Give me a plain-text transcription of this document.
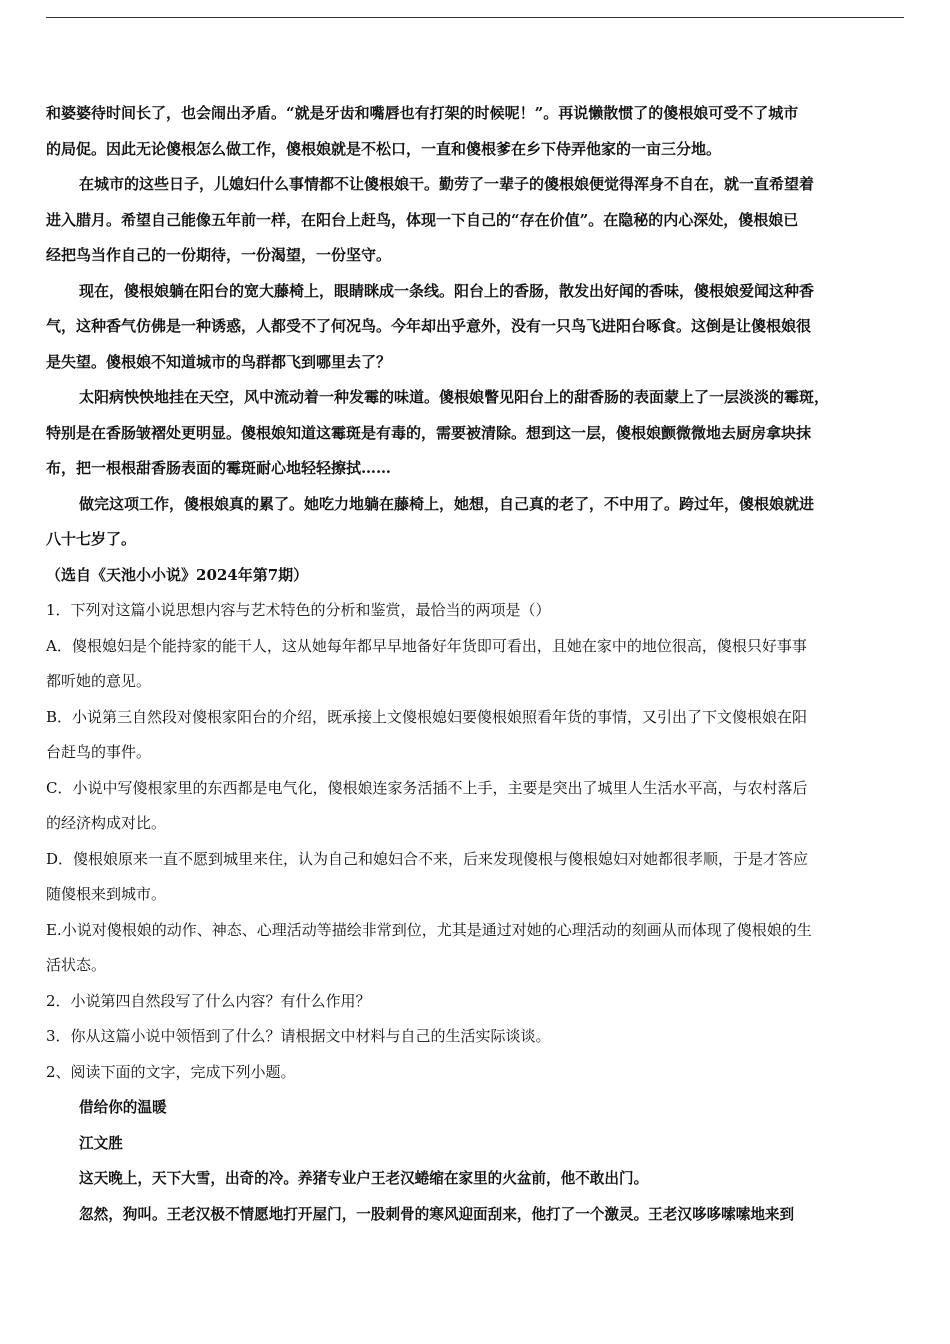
和婆婆待时间长了，也会闹出矛盾。“就是牙齿和嘴唇也有打架的时候呢！”。再说懒散惯了的傻根娘可受不了城市
的局促。因此无论傻根怎么做工作，傻根娘就是不松口，一直和傻根爹在乡下侍弄他家的一亩三分地。
在城市的这些日子，儿媳妇什么事情都不让傻根娘干。勤劳了一辈子的傻根娘便觉得浑身不自在，就一直希望着
进入腊月。希望自己能像五年前一样，在阳台上赶鸟，体现一下自己的“存在价值”。在隐秘的内心深处，傻根娘已
经把鸟当作自己的一份期待，一份渴望，一份坚守。
现在，傻根娘躺在阳台的宽大藤椅上，眼睛眯成一条线。阳台上的香肠，散发出好闻的香味，傻根娘爱闻这种香
气，这种香气仿佛是一种诱惑，人都受不了何况鸟。今年却出乎意外，没有一只鸟飞进阳台啄食。这倒是让傻根娘很
是失望。傻根娘不知道城市的鸟群都飞到哪里去了？
太阳病怏怏地挂在天空，风中流动着一种发霉的味道。傻根娘瞥见阳台上的甜香肠的表面蒙上了一层淡淡的霉斑，
特别是在香肠皱褶处更明显。傻根娘知道这霉斑是有毒的，需要被清除。想到这一层，傻根娘颤微微地去厨房拿块抹
布，把一根根甜香肠表面的霉斑耐心地轻轻擦拭……
做完这项工作，傻根娘真的累了。她吃力地躺在藤椅上，她想，自己真的老了，不中用了。跨过年，傻根娘就进
八十七岁了。
（选自《天池小小说》2024年第7期）
1．下列对这篇小说思想内容与艺术特色的分析和鉴赏，最恰当的两项是（）
A．傻根媳妇是个能持家的能干人，这从她每年都早早地备好年货即可看出，且她在家中的地位很高，傻根只好事事
都听她的意见。
B．小说第三自然段对傻根家阳台的介绍，既承接上文傻根媳妇要傻根娘照看年货的事情，又引出了下文傻根娘在阳
台赶鸟的事件。
C．小说中写傻根家里的东西都是电气化，傻根娘连家务活插不上手，主要是突出了城里人生活水平高，与农村落后
的经济构成对比。
D．傻根娘原来一直不愿到城里来住，认为自己和媳妇合不来，后来发现傻根与傻根媳妇对她都很孝顺，于是才答应
随傻根来到城市。
E.小说对傻根娘的动作、神态、心理活动等描绘非常到位，尤其是通过对她的心理活动的刻画从而体现了傻根娘的生
活状态。
2．小说第四自然段写了什么内容？有什么作用？
3．你从这篇小说中领悟到了什么？请根据文中材料与自己的生活实际谈谈。
2、阅读下面的文字，完成下列小题。
借给你的温暖
江文胜
这天晚上，天下大雪，出奇的冷。养猪专业户王老汉蜷缩在家里的火盆前，他不敢出门。
忽然，狗叫。王老汉极不情愿地打开屋门，一股刺骨的寒风迎面刮来，他打了一个激灵。王老汉哆哆嗦嗦地来到
